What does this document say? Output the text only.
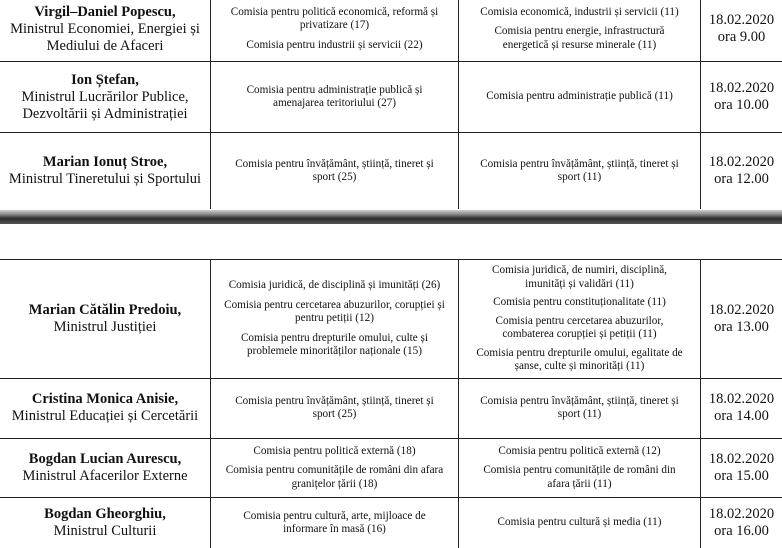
Virgil–Daniel Popescu,
Ministrul Economiei, Energiei și
Mediului de Afaceri
Comisia pentru politică economică, reformă și
privatizare (17)
Comisia pentru industrii și servicii (22)
Comisia economică, industrii și servicii (11)
Comisia pentru energie, infrastructură
energetică și resurse minerale (11)
18.02.2020
ora 9.00
Ion Ștefan,
Ministrul Lucrărilor Publice,
Dezvoltării și Administrației
Comisia pentru administrație publică și
amenajarea teritoriului (27)
Comisia pentru administrație publică (11)
18.02.2020
ora 10.00
Marian Ionuț Stroe,
Ministrul Tineretului și Sportului
Comisia pentru învățământ, știință, tineret și
sport (25)
Comisia pentru învățământ, știință, tineret și
sport (11)
18.02.2020
ora 12.00
Marian Cătălin Predoiu,
Ministrul Justiției
Comisia juridică, de disciplină și imunități (26)
Comisia pentru cercetarea abuzurilor, corupției și
pentru petiții (12)
Comisia pentru drepturile omului, culte și
problemele minorităților naționale (15)
Comisia juridică, de numiri, disciplină,
imunități și validări (11)
Comisia pentru constituționalitate (11)
Comisia pentru cercetarea abuzurilor,
combaterea corupției și petiții (11)
Comisia pentru drepturile omului, egalitate de
șanse, culte și minorități (11)
18.02.2020
ora 13.00
Cristina Monica Anisie,
Ministrul Educației și Cercetării
Comisia pentru învățământ, știință, tineret și
sport (25)
Comisia pentru învățământ, știință, tineret și
sport (11)
18.02.2020
ora 14.00
Bogdan Lucian Aurescu,
Ministrul Afacerilor Externe
Comisia pentru politică externă (18)
Comisia pentru comunitățile de români din afara
granițelor țării (18)
Comisia pentru politică externă (12)
Comisia pentru comunitățile de români din
afara țării (11)
18.02.2020
ora 15.00
Bogdan Gheorghiu,
Ministrul Culturii
Comisia pentru cultură, arte, mijloace de
informare în masă (16)
Comisia pentru cultură și media (11)
18.02.2020
ora 16.00
